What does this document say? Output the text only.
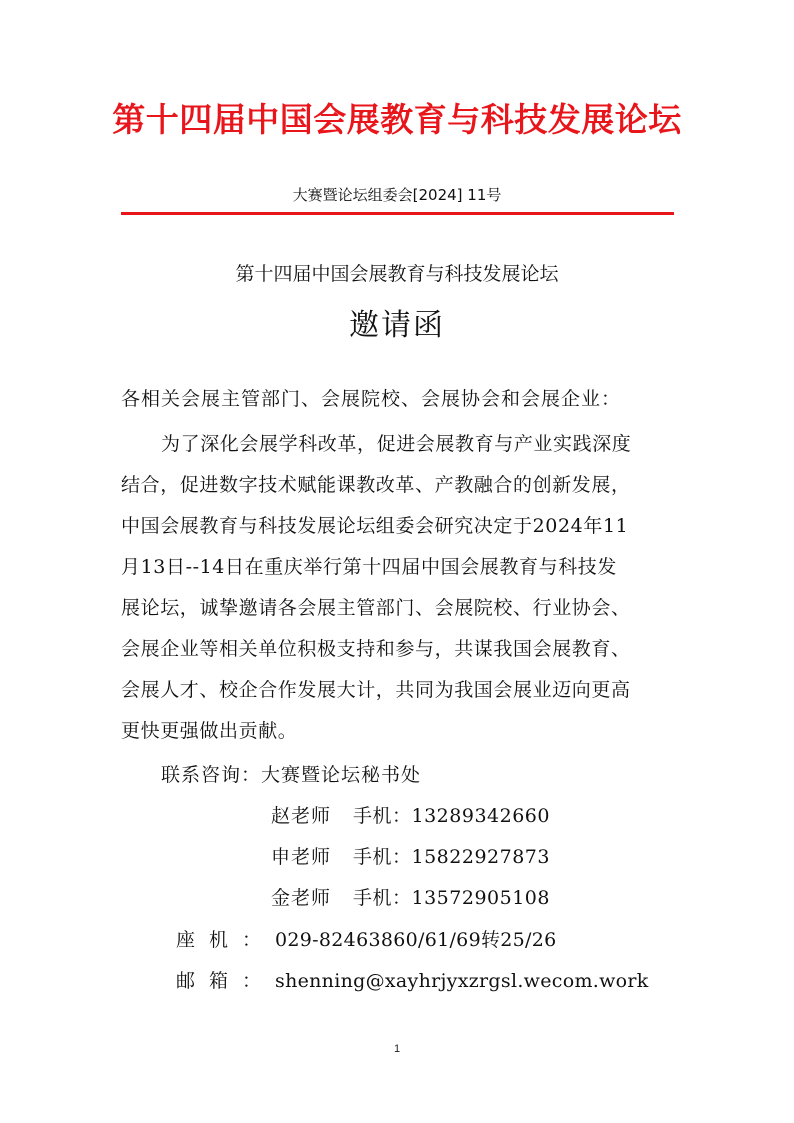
第十四届中国会展教育与科技发展论坛
大赛暨论坛组委会[2024] 11号
第十四届中国会展教育与科技发展论坛
邀请函
各相关会展主管部门、会展院校、会展协会和会展企业：
为了深化会展学科改革，促进会展教育与产业实践深度
结合，促进数字技术赋能课教改革、产教融合的创新发展，
中国会展教育与科技发展论坛组委会研究决定于2024年11
月13日--14日在重庆举行第十四届中国会展教育与科技发
展论坛，诚挚邀请各会展主管部门、会展院校、行业协会、
会展企业等相关单位积极支持和参与，共谋我国会展教育、
会展人才、校企合作发展大计，共同为我国会展业迈向更高
更快更强做出贡献。
联系咨询：大赛暨论坛秘书处
赵老师 手机：13289342660
申老师 手机：15822927873
金老师 手机：13572905108
座机：029-82463860/61/69转25/26
邮箱：shenning@xayhrjyxzrgsl.wecom.work
1
